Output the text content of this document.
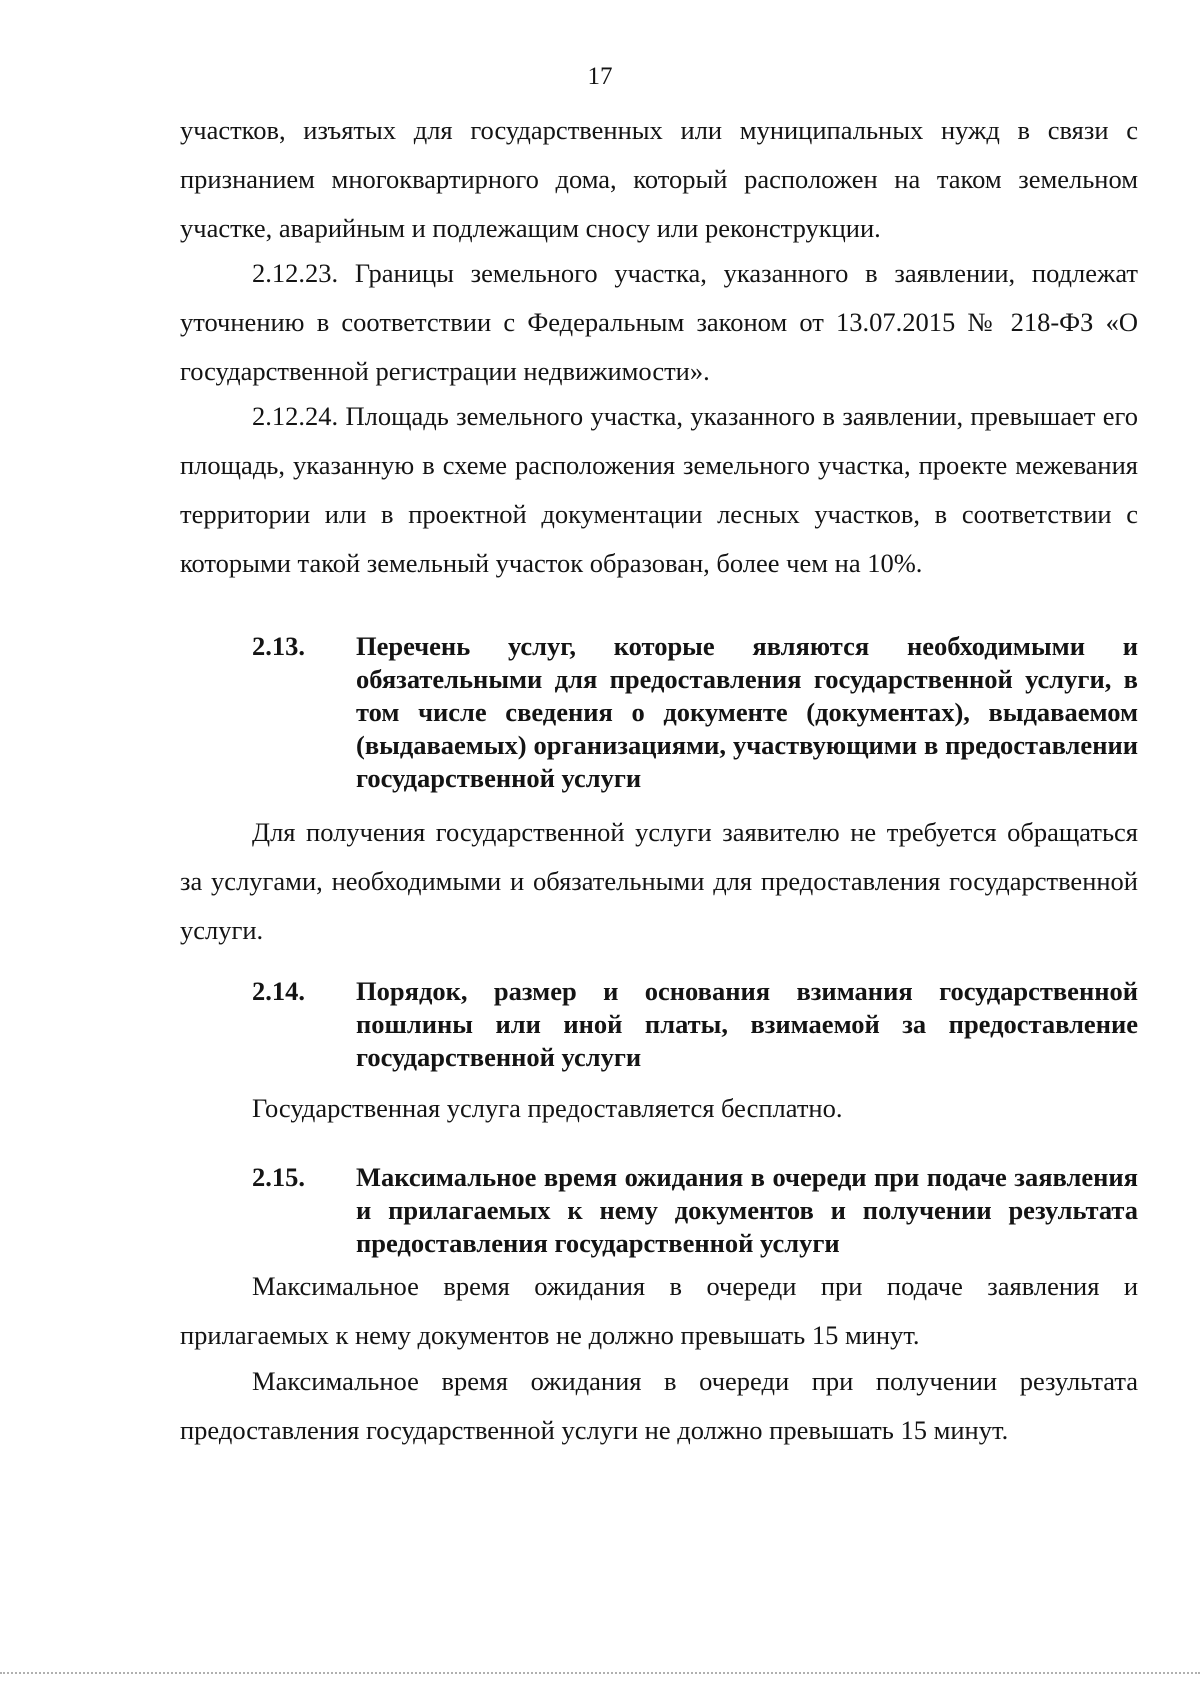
17
участков, изъятых для государственных или муниципальных нужд в связи с признанием многоквартирного дома, который расположен на таком земельном участке, аварийным и подлежащим сносу или реконструкции.
2.12.23. Границы земельного участка, указанного в заявлении, подлежат уточнению в соответствии с Федеральным законом от 13.07.2015 № 218-ФЗ «О государственной регистрации недвижимости».
2.12.24. Площадь земельного участка, указанного в заявлении, превышает его площадь, указанную в схеме расположения земельного участка, проекте межевания территории или в проектной документации лесных участков, в соответствии с которыми такой земельный участок образован, более чем на 10%.
2.13. Перечень услуг, которые являются необходимыми и обязательными для предоставления государственной услуги, в том числе сведения о документе (документах), выдаваемом (выдаваемых) организациями, участвующими в предоставлении государственной услуги
Для получения государственной услуги заявителю не требуется обращаться за услугами, необходимыми и обязательными для предоставления государственной услуги.
2.14. Порядок, размер и основания взимания государственной пошлины или иной платы, взимаемой за предоставление государственной услуги
Государственная услуга предоставляется бесплатно.
2.15. Максимальное время ожидания в очереди при подаче заявления и прилагаемых к нему документов и получении результата предоставления государственной услуги
Максимальное время ожидания в очереди при подаче заявления и прилагаемых к нему документов не должно превышать 15 минут.
Максимальное время ожидания в очереди при получении результата предоставления государственной услуги не должно превышать 15 минут.
